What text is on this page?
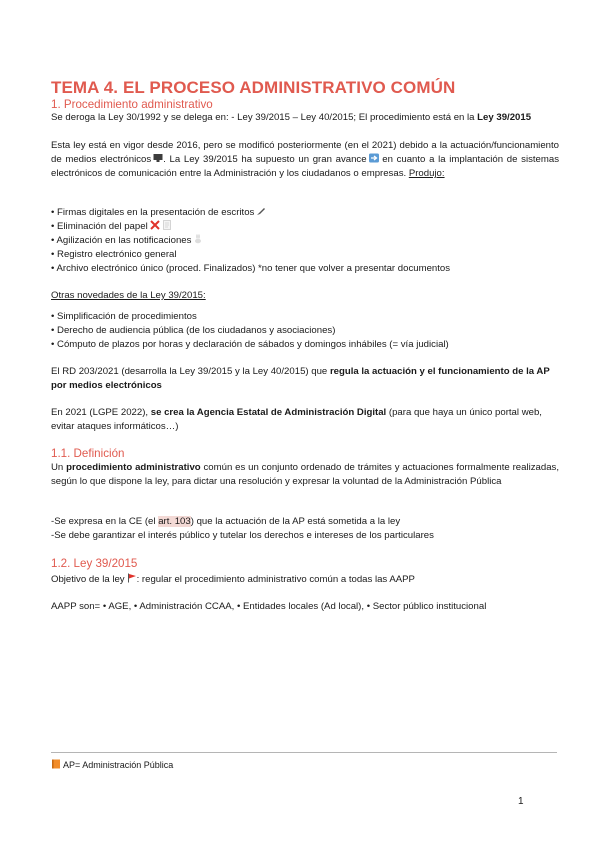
TEMA 4. EL PROCESO ADMINISTRATIVO COMÚN
1. Procedimiento administrativo
Se deroga la Ley 30/1992 y se delega en: - Ley 39/2015 – Ley 40/2015; El procedimiento está en la Ley 39/2015
Esta ley está en vigor desde 2016, pero se modificó posteriormente (en el 2021) debido a la actuación/funcionamiento de medios electrónicos . La Ley 39/2015 ha supuesto un gran avance en cuanto a la implantación de sistemas electrónicos de comunicación entre la Administración y los ciudadanos o empresas. Produjo:
• Firmas digitales en la presentación de escritos
• Eliminación del papel
• Agilización en las notificaciones
• Registro electrónico general
• Archivo electrónico único (proced. Finalizados) *no tener que volver a presentar documentos
Otras novedades de la Ley 39/2015:
• Simplificación de procedimientos
• Derecho de audiencia pública (de los ciudadanos y asociaciones)
• Cómputo de plazos por horas y declaración de sábados y domingos inhábiles (= vía judicial)
El RD 203/2021 (desarrolla la Ley 39/2015 y la Ley 40/2015) que regula la actuación y el funcionamiento de la AP por medios electrónicos
En 2021 (LGPE 2022), se crea la Agencia Estatal de Administración Digital (para que haya un único portal web, evitar ataques informáticos…)
1.1. Definición
Un procedimiento administrativo común es un conjunto ordenado de trámites y actuaciones formalmente realizadas, según lo que dispone la ley, para dictar una resolución y expresar la voluntad de la Administración Pública
-Se expresa en la CE (el art. 103) que la actuación de la AP está sometida a la ley
-Se debe garantizar el interés público y tutelar los derechos e intereses de los particulares
1.2. Ley 39/2015
Objetivo de la ley : regular el procedimiento administrativo común a todas las AAPP
AAPP son= • AGE, • Administración CCAA, • Entidades locales (Ad local), • Sector público institucional
AP= Administración Pública
1
